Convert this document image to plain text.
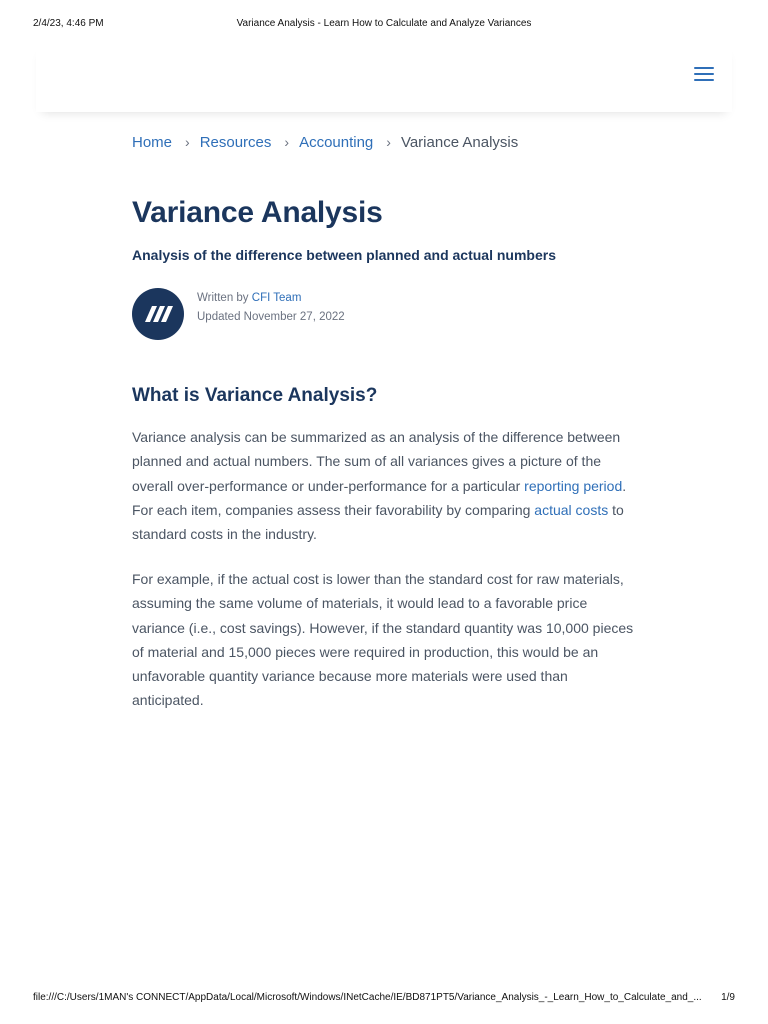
2/4/23, 4:46 PM	Variance Analysis - Learn How to Calculate and Analyze Variances
Home › Resources › Accounting › Variance Analysis
Variance Analysis

Analysis of the difference between planned and actual numbers

Written by CFI Team
Updated November 27, 2022
What is Variance Analysis?

Variance analysis can be summarized as an analysis of the difference between planned and actual numbers. The sum of all variances gives a picture of the overall over-performance or under-performance for a particular reporting period. For each item, companies assess their favorability by comparing actual costs to standard costs in the industry.

For example, if the actual cost is lower than the standard cost for raw materials, assuming the same volume of materials, it would lead to a favorable price variance (i.e., cost savings). However, if the standard quantity was 10,000 pieces of material and 15,000 pieces were required in production, this would be an unfavorable quantity variance because more materials were used than anticipated.

file:///C:/Users/1MAN's CONNECT/AppData/Local/Microsoft/Windows/INetCache/IE/BD871PT5/Variance_Analysis_-_Learn_How_to_Calculate_and_...	1/9
